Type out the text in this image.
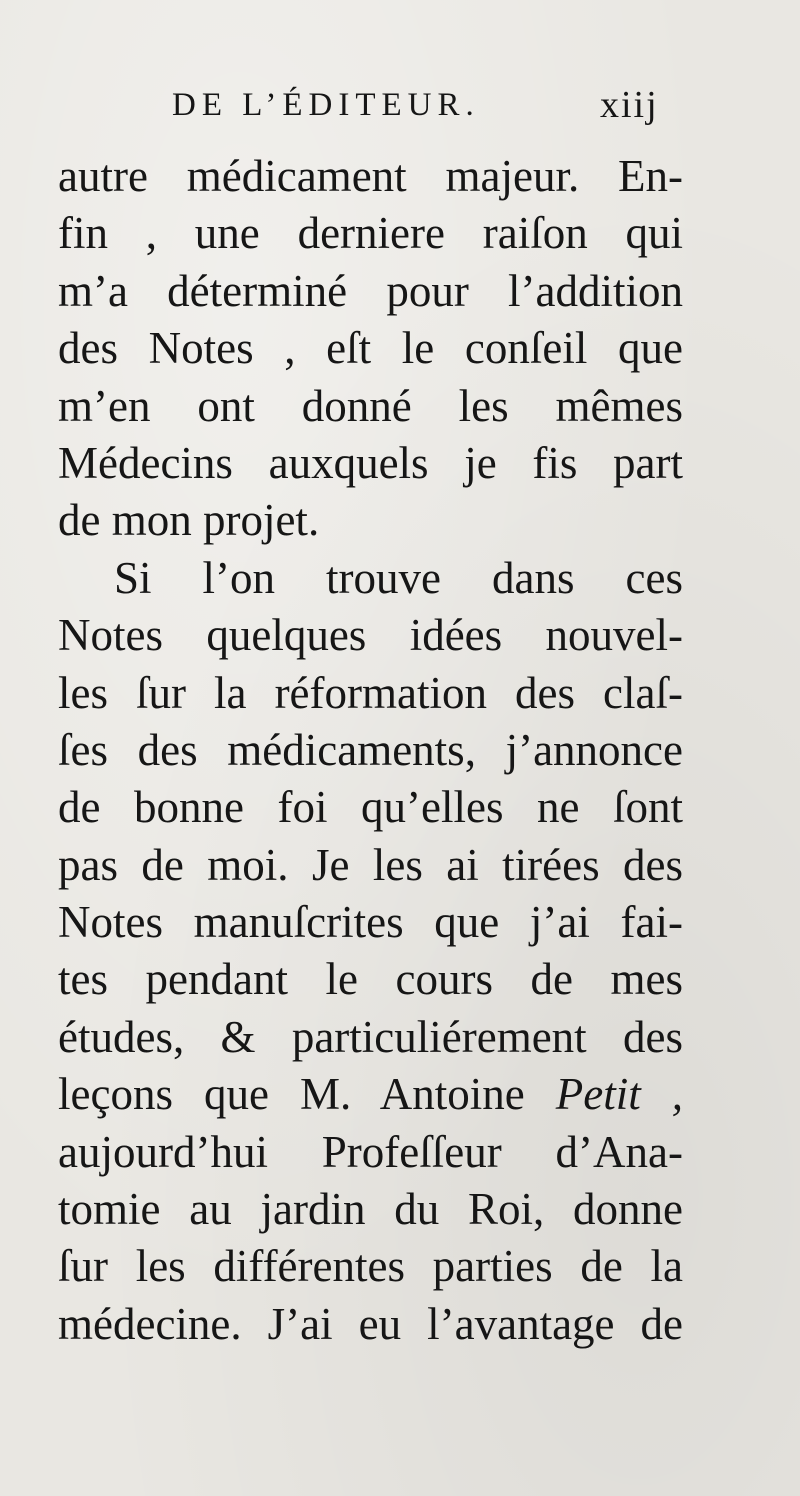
DE L’ÉDITEUR.	xiij
autre médicament majeur. En-
fin , une derniere raiſon qui
m’a déterminé pour l’addition
des Notes , eſt le conſeil que
m’en ont donné les mêmes
Médecins auxquels je fis part
de mon projet.
Si l’on trouve dans ces
Notes quelques idées nouvel-
les ſur la réformation des claſ-
ſes des médicaments, j’annonce
de bonne foi qu’elles ne ſont
pas de moi. Je les ai tirées des
Notes manuſcrites que j’ai fai-
tes pendant le cours de mes
études, & particuliérement des
leçons que M. Antoine Petit ,
aujourd’hui Profeſſeur d’Ana-
tomie au jardin du Roi, donne
ſur les différentes parties de la
médecine. J’ai eu l’avantage de
